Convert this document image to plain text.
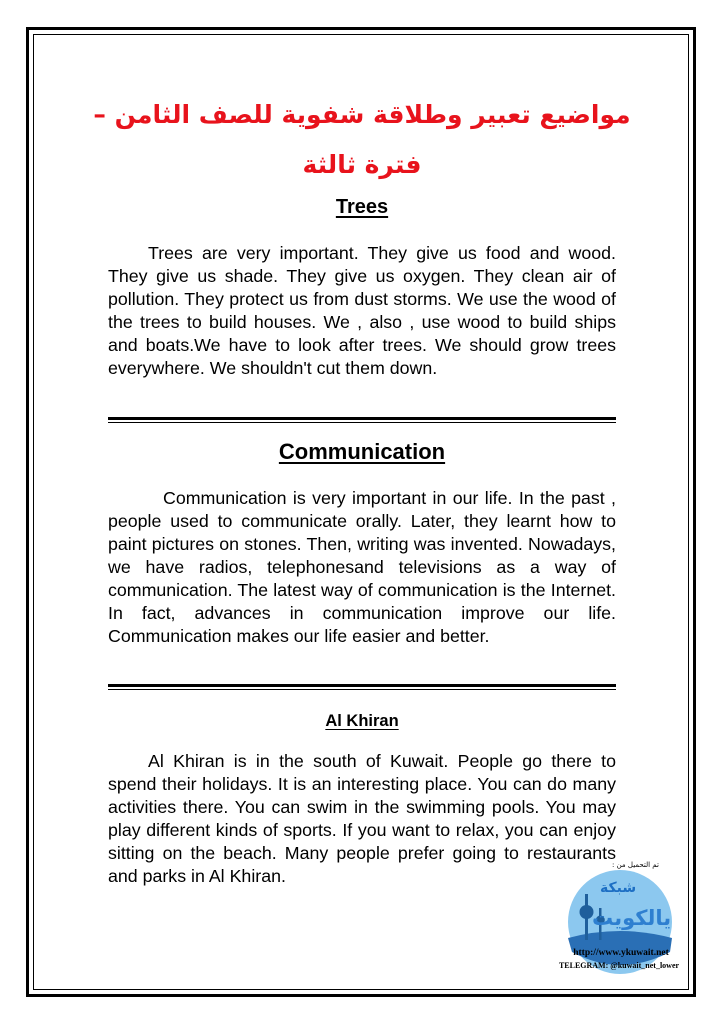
مواضيع تعبير وطلاقة شفوية للصف الثامن – فترة ثالثة
Trees

Trees are very important. They give us food and wood. They give us shade. They give us oxygen. They clean air of pollution. They protect us from dust storms. We use the wood of the trees to build houses. We , also , use wood to build ships and boats.We have to look after trees. We should grow trees everywhere. We shouldn't cut them down.

Communication

Communication is very important in our life. In the past , people used to communicate orally. Later, they learnt how to paint pictures on stones. Then, writing was invented. Nowadays, we have radios, telephonesand televisions as a way of communication. The latest way of communication is the Internet. In fact, advances in communication improve our life. Communication makes our life easier and better.

Al Khiran

Al Khiran is in the south of Kuwait. People go there to spend their holidays. It is an interesting place. You can do many activities there. You can swim in the swimming pools. You may play different kinds of sports. If you want to relax, you can enjoy sitting on the beach. Many people prefer going to restaurants and parks in Al Khiran.

تم التحميل من :
شبكة
يالكويت
http://www.ykuwait.net
TELEGRAM: @kuwait_net_lower
